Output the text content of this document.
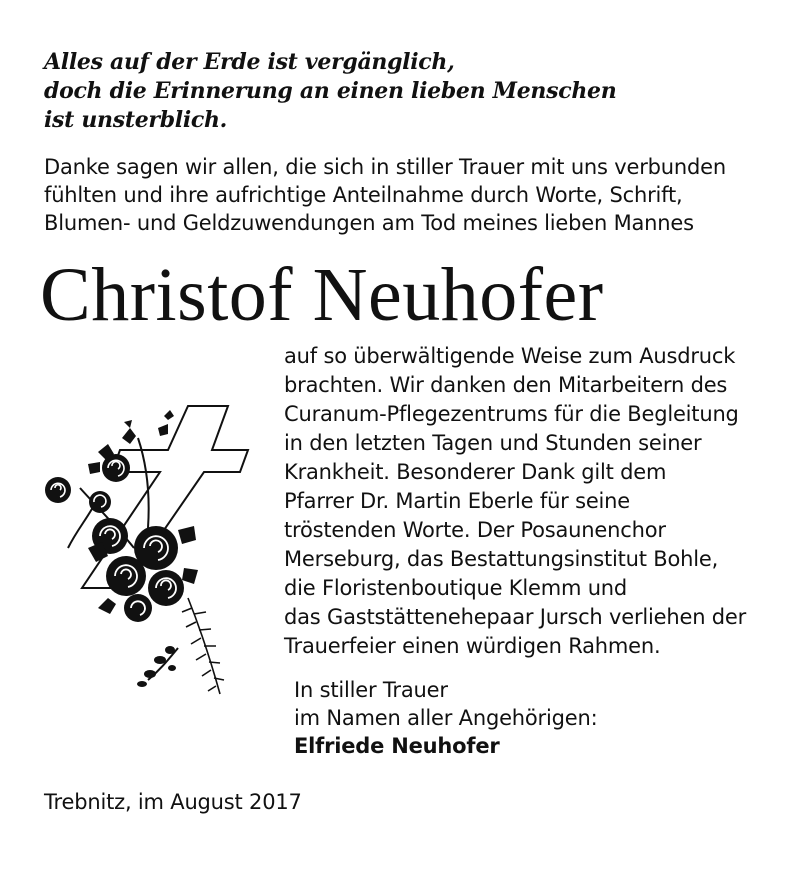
Alles auf der Erde ist vergänglich,
doch die Erinnerung an einen lieben Menschen
ist unsterblich.
Danke sagen wir allen, die sich in stiller Trauer mit uns verbunden
fühlten und ihre aufrichtige Anteilnahme durch Worte, Schrift,
Blumen- und Geldzuwendungen am Tod meines lieben Mannes
Christof Neuhofer
auf so überwältigende Weise zum Ausdruck
brachten. Wir danken den Mitarbeitern des
Curanum-Pflegezentrums für die Begleitung
in den letzten Tagen und Stunden seiner
Krankheit. Besonderer Dank gilt dem
Pfarrer Dr. Martin Eberle für seine
tröstenden Worte. Der Posaunenchor
Merseburg, das Bestattungsinstitut Bohle,
die Floristenboutique Klemm und
das Gaststättenehepaar Jursch verliehen der
Trauerfeier einen würdigen Rahmen.
In stiller Trauer
im Namen aller Angehörigen:
Elfriede Neuhofer
Trebnitz, im August 2017
